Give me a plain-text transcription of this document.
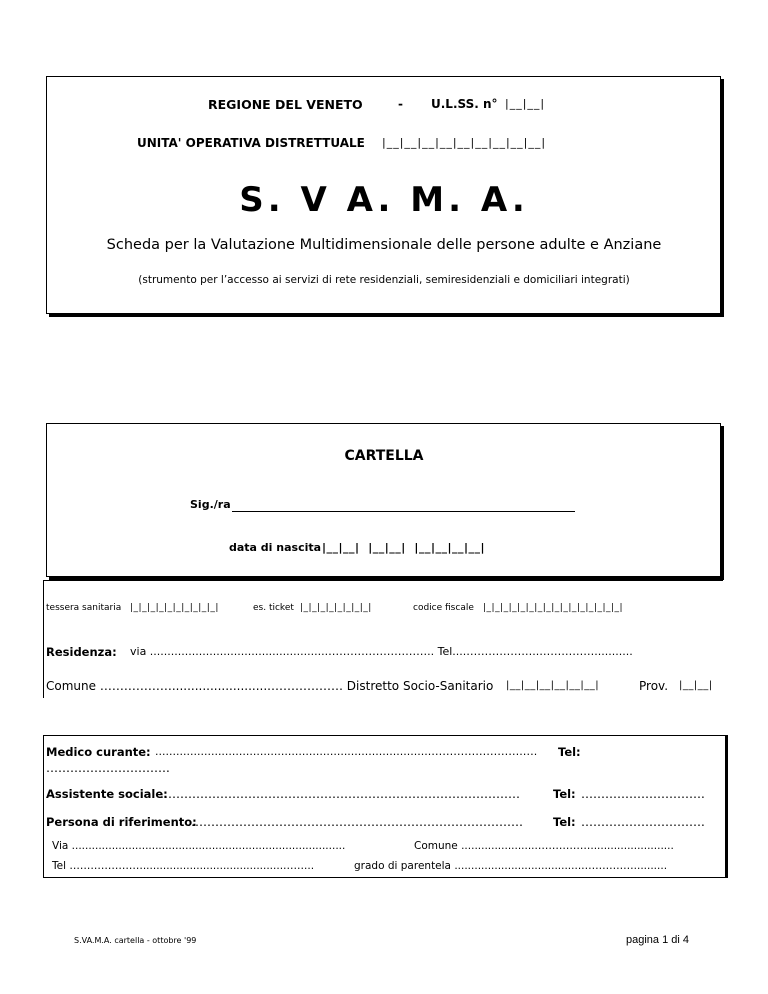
REGIONE DEL VENETO	- U.L.SS. n° |__|__|
UNITA' OPERATIVA DISTRETTUALE |__|__|__|__|__|__|__|__|__|
S. V A. M. A.
Scheda per la Valutazione Multidimensionale delle persone adulte e Anziane
(strumento per l’accesso ai servizi di rete residenziali, semiresidenziali e domiciliari integrati)
CARTELLA
Sig./ra
data di nascita |__|__|  |__|__|  |__|__|__|__|
tessera sanitaria |_|_|_|_|_|_|_|_|_|_|	es. ticket |_|_|_|_|_|_|_|_|	codice fiscale |_|_|_|_|_|_|_|_|_|_|_|_|_|_|_|_|
Residenza: via ...................................................……………………….. Tel....………………..……………...........
Comune ………………..........................……………… Distretto Socio-Sanitario |__|__|__|__|__|__|	Prov. |__|__|
Medico curante: ...............................................................................…………………….…. Tel:
………………………….
Assistente sociale:
………………………………………………………………………………	Tel: ………………………….
Persona di riferimento:
…………………………………………………………………………	Tel: ………………………….
Via ..................................................................................	Comune .......................…………….........................
Tel …………………..........................................……...	grado di parentela ......................................……………..........
S.VA.M.A. cartella - ottobre '99	pagina 1 di 4
